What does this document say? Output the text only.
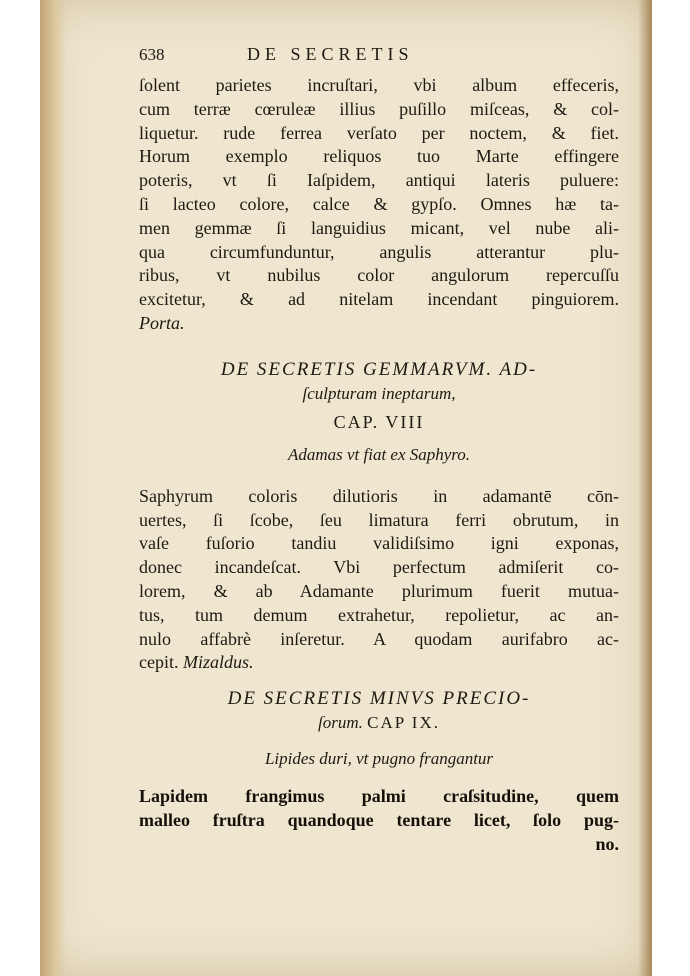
638	DE SECRETIS
ſolent parietes incruſtari, vbi album effeceris,
cum terræ cœruleæ illius puſillo miſceas, & col-
liquetur. rude ferrea verſato per noctem, & fiet.
Horum exemplo reliquos tuo Marte effingere
poteris, vt ſi Iaſpidem, antiqui lateris puluere:
ſi lacteo colore, calce & gypſo. Omnes hæ ta-
men gemmæ ſi languidius micant, vel nube ali-
qua circumfunduntur, angulis atterantur plu-
ribus, vt nubilus color angulorum repercuſſu
excitetur, & ad nitelam incendant pinguiorem.
Porta.
DE SECRETIS GEMMARVM. AD-
ſculpturam ineptarum,
CAP. VIII
Adamas vt fiat ex Saphyro.
Saphyrum coloris dilutioris in adamantē cōn-
uertes, ſi ſcobe, ſeu limatura ferri obrutum, in
vaſe fuſorio tandiu validiſsimo igni exponas,
donec incandeſcat. Vbi perfectum admiſerit co-
lorem, & ab Adamante plurimum fuerit mutua-
tus, tum demum extrahetur, repolietur, ac an-
nulo affabrè inſeretur. A quodam aurifabro ac-
cepit. Mizaldus.
DE SECRETIS MINVS PRECIO-
ſorum. CAP IX.
Lipides duri, vt pugno frangantur
Lapidem frangimus palmi craſsitudine, quem
malleo fruſtra quandoque tentare licet, ſolo pug-
no.
